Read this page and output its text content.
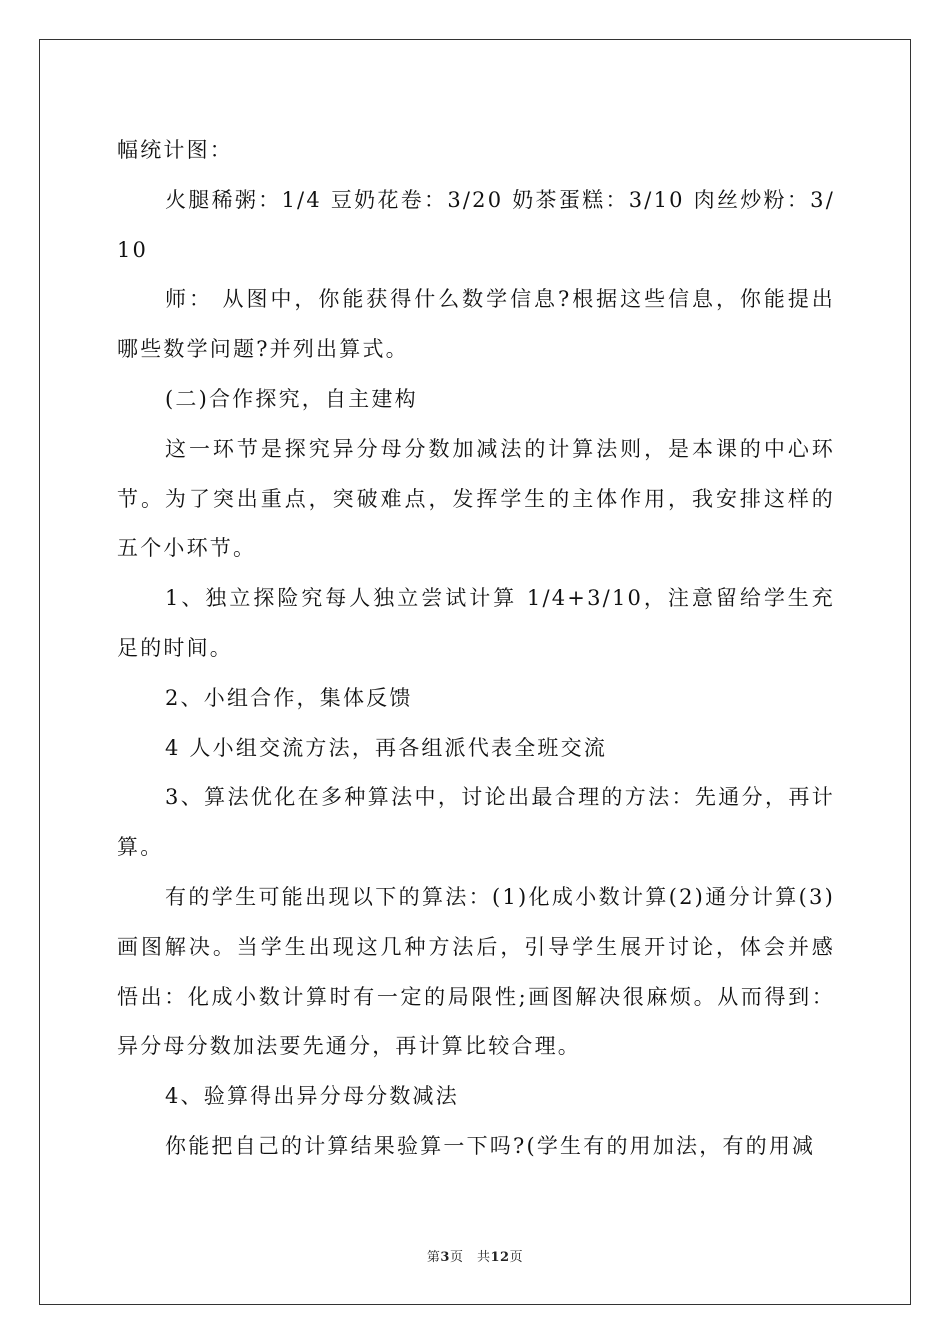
幅统计图：

火腿稀粥：1/4 豆奶花卷：3/20 奶茶蛋糕：3/10 肉丝炒粉：3/10

师： 从图中，你能获得什么数学信息?根据这些信息，你能提出哪些数学问题?并列出算式。

(二)合作探究，自主建构

这一环节是探究异分母分数加减法的计算法则，是本课的中心环节。为了突出重点，突破难点，发挥学生的主体作用，我安排这样的五个小环节。

1、独立探险究每人独立尝试计算 1/4+3/10，注意留给学生充足的时间。

2、小组合作，集体反馈

4 人小组交流方法，再各组派代表全班交流

3、算法优化在多种算法中，讨论出最合理的方法：先通分，再计算。

有的学生可能出现以下的算法：(1)化成小数计算(2)通分计算(3)画图解决。当学生出现这几种方法后，引导学生展开讨论，体会并感悟出：化成小数计算时有一定的局限性;画图解决很麻烦。从而得到：异分母分数加法要先通分，再计算比较合理。

4、验算得出异分母分数减法

你能把自己的计算结果验算一下吗?(学生有的用加法，有的用减

第3页　共12页
